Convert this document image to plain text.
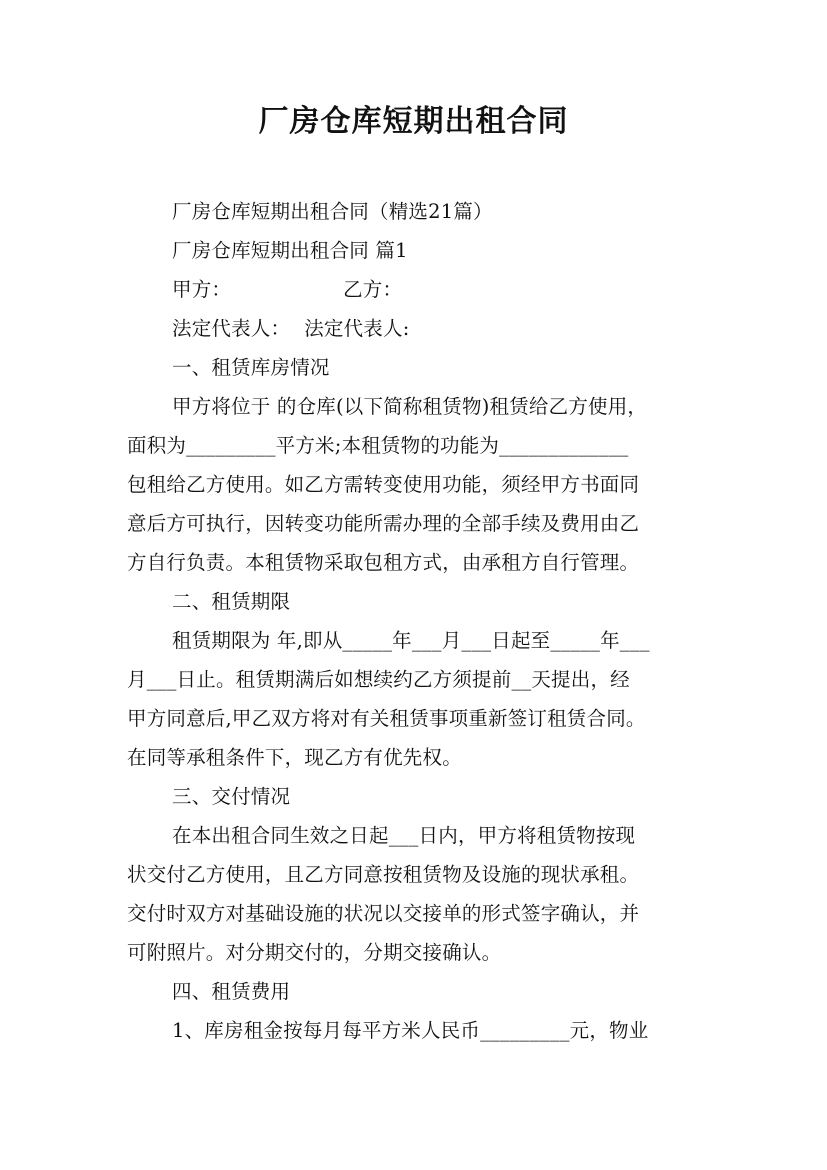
厂房仓库短期出租合同
厂房仓库短期出租合同（精选21篇）
厂房仓库短期出租合同 篇1
甲方：	乙方：
法定代表人： 法定代表人:
一、租赁库房情况
甲方将位于 的仓库(以下简称租赁物)租赁给乙方使用，
面积为_________平方米;本租赁物的功能为_____________
包租给乙方使用。如乙方需转变使用功能，须经甲方书面同
意后方可执行，因转变功能所需办理的全部手续及费用由乙
方自行负责。本租赁物采取包租方式，由承租方自行管理。
二、租赁期限
租赁期限为 年,即从_____年___月___日起至_____年___
月___日止。租赁期满后如想续约乙方须提前__天提出，经
甲方同意后,甲乙双方将对有关租赁事项重新签订租赁合同。
在同等承租条件下，现乙方有优先权。
三、交付情况
在本出租合同生效之日起___日内，甲方将租赁物按现
状交付乙方使用，且乙方同意按租赁物及设施的现状承租。
交付时双方对基础设施的状况以交接单的形式签字确认，并
可附照片。对分期交付的，分期交接确认。
四、租赁费用
1、库房租金按每月每平方米人民币_________元，物业
